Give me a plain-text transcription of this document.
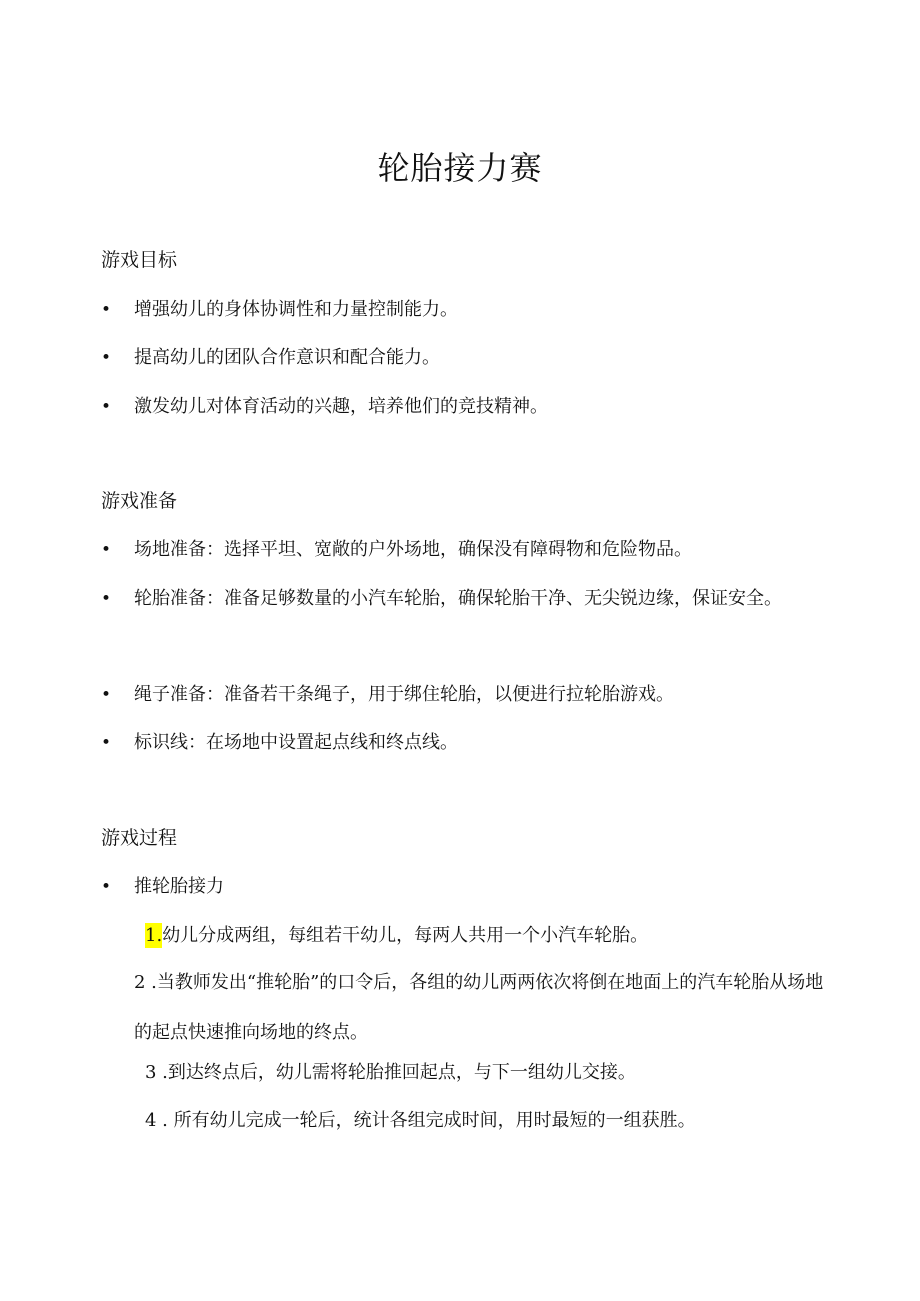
轮胎接力赛
游戏目标
• 增强幼儿的身体协调性和力量控制能力。
• 提高幼儿的团队合作意识和配合能力。
• 激发幼儿对体育活动的兴趣，培养他们的竞技精神。
游戏准备
• 场地准备：选择平坦、宽敞的户外场地，确保没有障碍物和危险物品。
• 轮胎准备：准备足够数量的小汽车轮胎，确保轮胎干净、无尖锐边缘，保证安全。
• 绳子准备：准备若干条绳子，用于绑住轮胎，以便进行拉轮胎游戏。
• 标识线：在场地中设置起点线和终点线。
游戏过程
• 推轮胎接力
1.幼儿分成两组，每组若干幼儿，每两人共用一个小汽车轮胎。
2 .当教师发出“推轮胎”的口令后，各组的幼儿两两依次将倒在地面上的汽车轮胎从场地的起点快速推向场地的终点。
3 .到达终点后，幼儿需将轮胎推回起点，与下一组幼儿交接。
4 . 所有幼儿完成一轮后，统计各组完成时间，用时最短的一组获胜。
